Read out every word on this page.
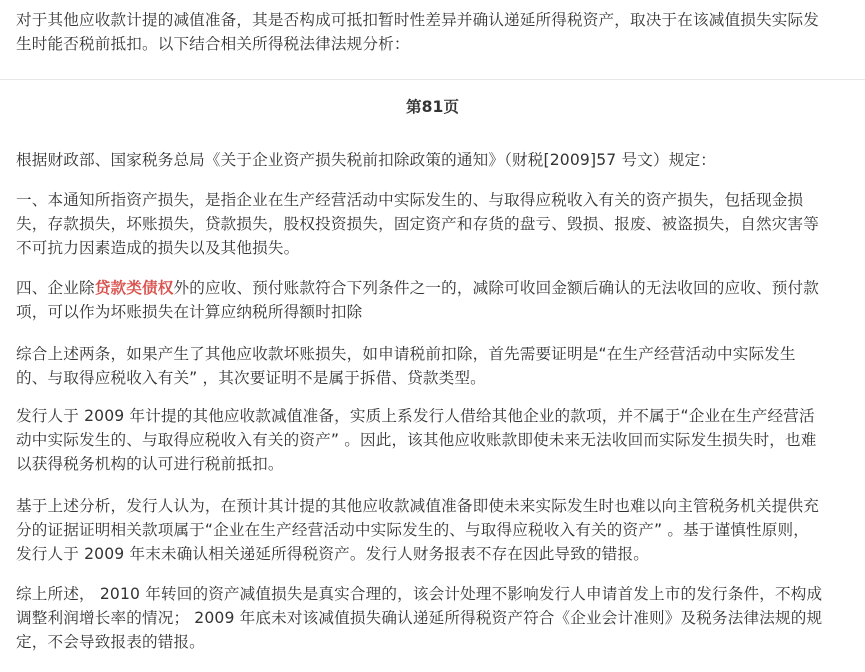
对于其他应收款计提的减值准备，其是否构成可抵扣暂时性差异并确认递延所得税资产，取决于在该减值损失实际发
生时能否税前抵扣。以下结合相关所得税法律法规分析：

第81页

根据财政部、国家税务总局《关于企业资产损失税前扣除政策的通知》（财税[2009]57 号文）规定：

一、本通知所指资产损失，是指企业在生产经营活动中实际发生的、与取得应税收入有关的资产损失，包括现金损
失，存款损失，坏账损失，贷款损失，股权投资损失，固定资产和存货的盘亏、毁损、报废、被盗损失，自然灾害等
不可抗力因素造成的损失以及其他损失。

四、企业除贷款类债权外的应收、预付账款符合下列条件之一的，减除可收回金额后确认的无法收回的应收、预付款
项，可以作为坏账损失在计算应纳税所得额时扣除

综合上述两条，如果产生了其他应收款坏账损失，如申请税前扣除，首先需要证明是“在生产经营活动中实际发生
的、与取得应税收入有关” ，其次要证明不是属于拆借、贷款类型。

发行人于 2009 年计提的其他应收款减值准备，实质上系发行人借给其他企业的款项，并不属于“企业在生产经营活
动中实际发生的、与取得应税收入有关的资产” 。因此，该其他应收账款即使未来无法收回而实际发生损失时，也难
以获得税务机构的认可进行税前抵扣。

基于上述分析，发行人认为，在预计其计提的其他应收款减值准备即使未来实际发生时也难以向主管税务机关提供充
分的证据证明相关款项属于“企业在生产经营活动中实际发生的、与取得应税收入有关的资产” 。基于谨慎性原则，
发行人于 2009 年末未确认相关递延所得税资产。发行人财务报表不存在因此导致的错报。

综上所述， 2010 年转回的资产减值损失是真实合理的，该会计处理不影响发行人申请首发上市的发行条件，不构成
调整利润增长率的情况； 2009 年底未对该减值损失确认递延所得税资产符合《企业会计准则》及税务法律法规的规
定，不会导致报表的错报。
